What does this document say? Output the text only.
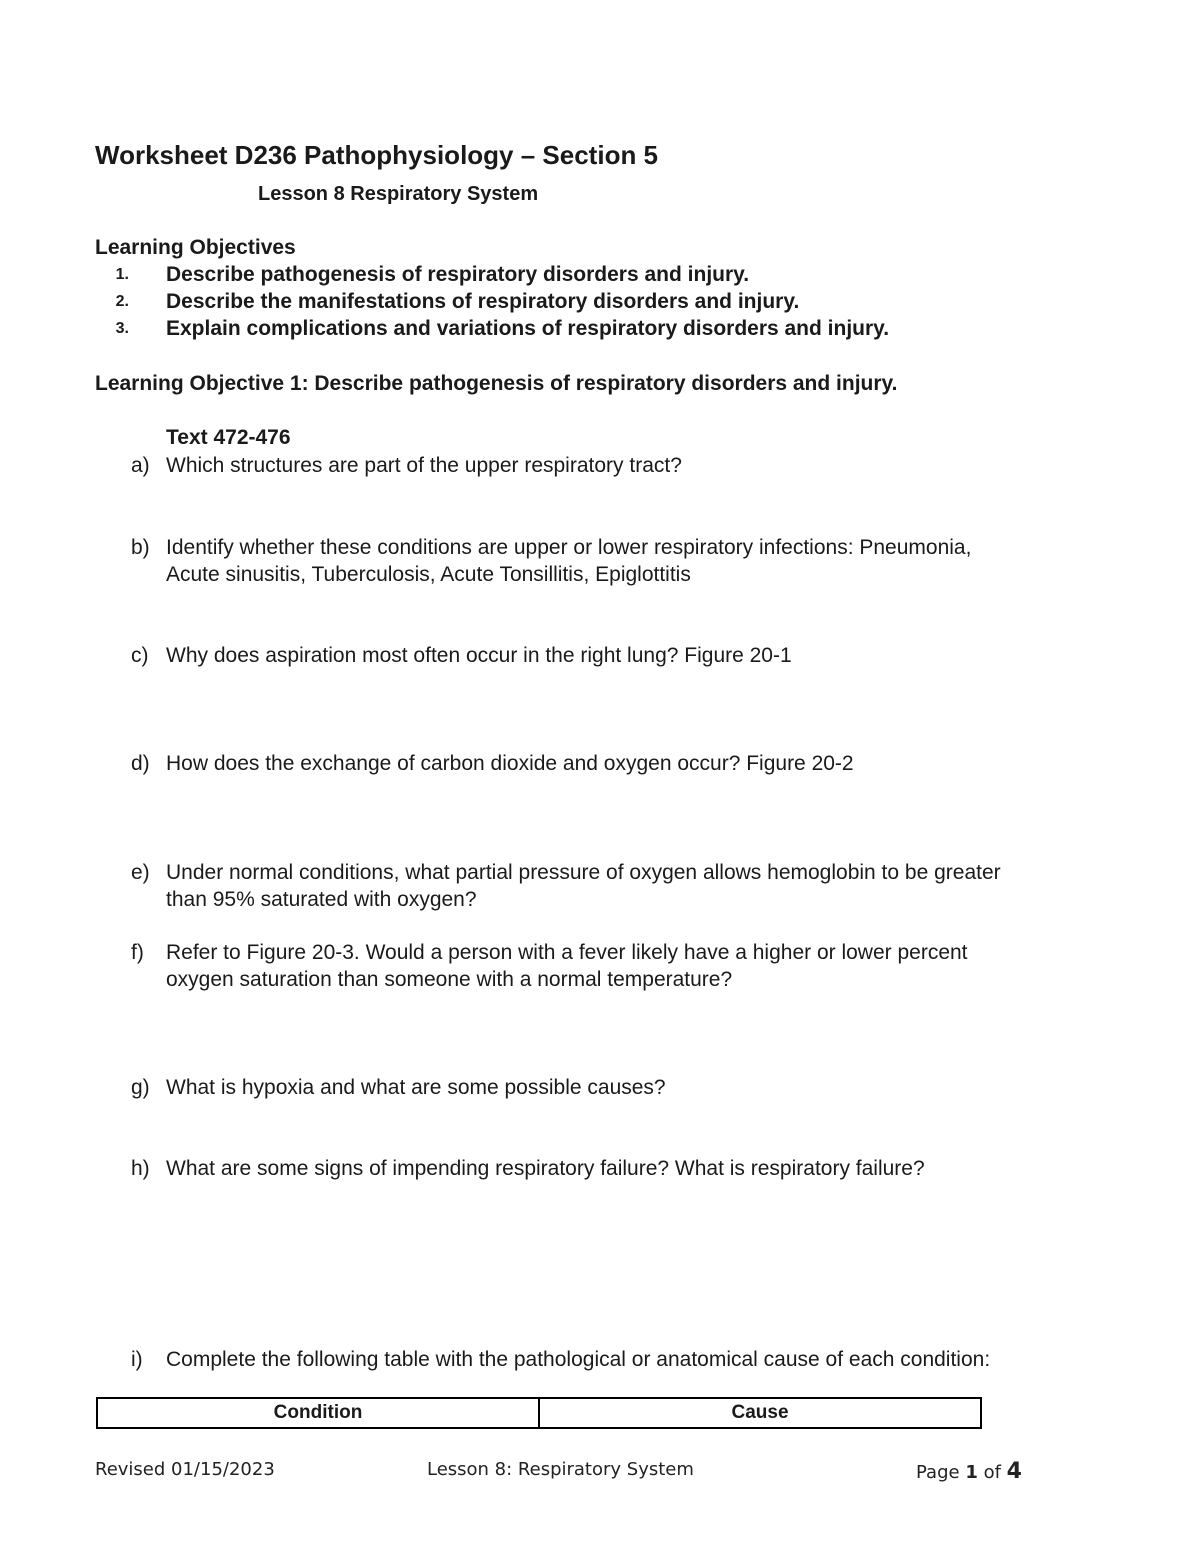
Worksheet D236 Pathophysiology – Section 5
Lesson 8 Respiratory System
Learning Objectives
1. Describe pathogenesis of respiratory disorders and injury.
2. Describe the manifestations of respiratory disorders and injury.
3. Explain complications and variations of respiratory disorders and injury.
Learning Objective 1: Describe pathogenesis of respiratory disorders and injury.
Text 472-476
a) Which structures are part of the upper respiratory tract?
b) Identify whether these conditions are upper or lower respiratory infections: Pneumonia,
Acute sinusitis, Tuberculosis, Acute Tonsillitis, Epiglottitis
c) Why does aspiration most often occur in the right lung? Figure 20-1
d) How does the exchange of carbon dioxide and oxygen occur? Figure 20-2
e) Under normal conditions, what partial pressure of oxygen allows hemoglobin to be greater
than 95% saturated with oxygen?
f) Refer to Figure 20-3. Would a person with a fever likely have a higher or lower percent
oxygen saturation than someone with a normal temperature?
g) What is hypoxia and what are some possible causes?
h) What are some signs of impending respiratory failure? What is respiratory failure?
i) Complete the following table with the pathological or anatomical cause of each condition:
Condition	Cause
Revised 01/15/2023	Lesson 8: Respiratory System	Page 1 of 4
